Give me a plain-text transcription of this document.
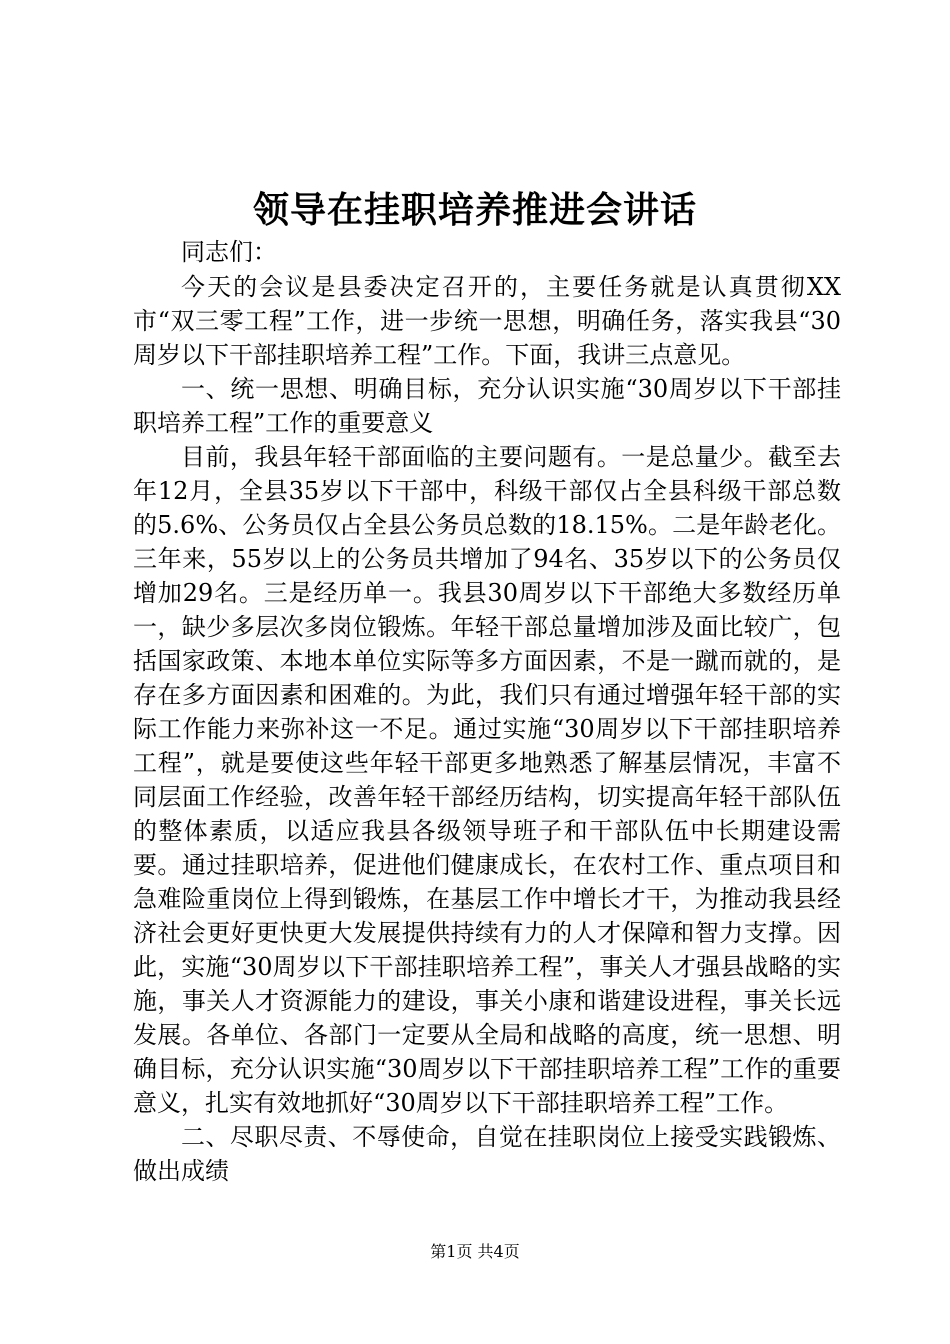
领导在挂职培养推进会讲话

同志们：

今天的会议是县委决定召开的，主要任务就是认真贯彻XX市“双三零工程”工作，进一步统一思想，明确任务，落实我县“30周岁以下干部挂职培养工程”工作。下面，我讲三点意见。

一、统一思想、明确目标，充分认识实施“30周岁以下干部挂职培养工程”工作的重要意义

目前，我县年轻干部面临的主要问题有。一是总量少。截至去年12月，全县35岁以下干部中，科级干部仅占全县科级干部总数的5.6%、公务员仅占全县公务员总数的18.15%。二是年龄老化。三年来，55岁以上的公务员共增加了94名、35岁以下的公务员仅增加29名。三是经历单一。我县30周岁以下干部绝大多数经历单一，缺少多层次多岗位锻炼。年轻干部总量增加涉及面比较广，包括国家政策、本地本单位实际等多方面因素，不是一蹴而就的，是存在多方面因素和困难的。为此，我们只有通过增强年轻干部的实际工作能力来弥补这一不足。通过实施“30周岁以下干部挂职培养工程”，就是要使这些年轻干部更多地熟悉了解基层情况，丰富不同层面工作经验，改善年轻干部经历结构，切实提高年轻干部队伍的整体素质，以适应我县各级领导班子和干部队伍中长期建设需要。通过挂职培养，促进他们健康成长，在农村工作、重点项目和急难险重岗位上得到锻炼，在基层工作中增长才干，为推动我县经济社会更好更快更大发展提供持续有力的人才保障和智力支撑。因此，实施“30周岁以下干部挂职培养工程”，事关人才强县战略的实施，事关人才资源能力的建设，事关小康和谐建设进程，事关长远发展。各单位、各部门一定要从全局和战略的高度，统一思想、明确目标，充分认识实施“30周岁以下干部挂职培养工程”工作的重要意义，扎实有效地抓好“30周岁以下干部挂职培养工程”工作。

二、尽职尽责、不辱使命，自觉在挂职岗位上接受实践锻炼、做出成绩

第1页 共4页
